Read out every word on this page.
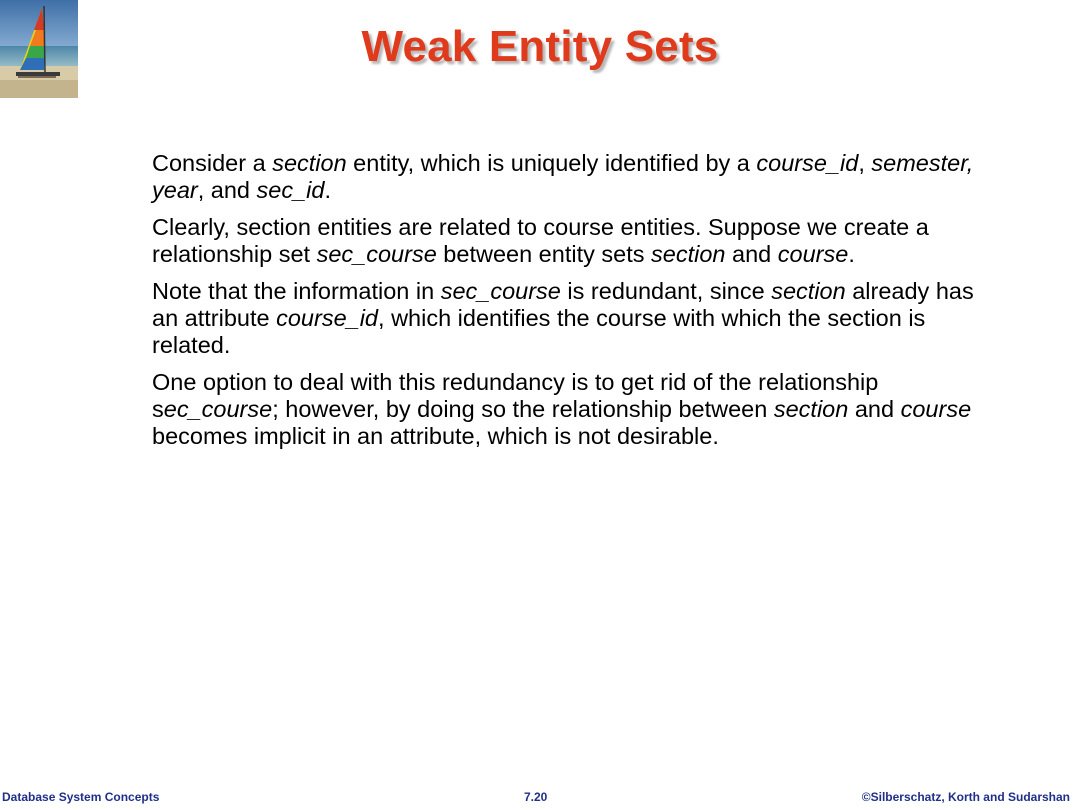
Weak Entity Sets

Consider a section entity, which is uniquely identified by a course_id, semester, year, and sec_id.

Clearly, section entities are related to course entities. Suppose we create a relationship set sec_course between entity sets section and course.

Note that the information in sec_course is redundant, since section already has an attribute course_id, which identifies the course with which the section is related.

One option to deal with this redundancy is to get rid of the relationship sec_course; however, by doing so the relationship between section and course becomes implicit in an attribute, which is not desirable.

Database System Concepts	7.20	©Silberschatz, Korth and Sudarshan
